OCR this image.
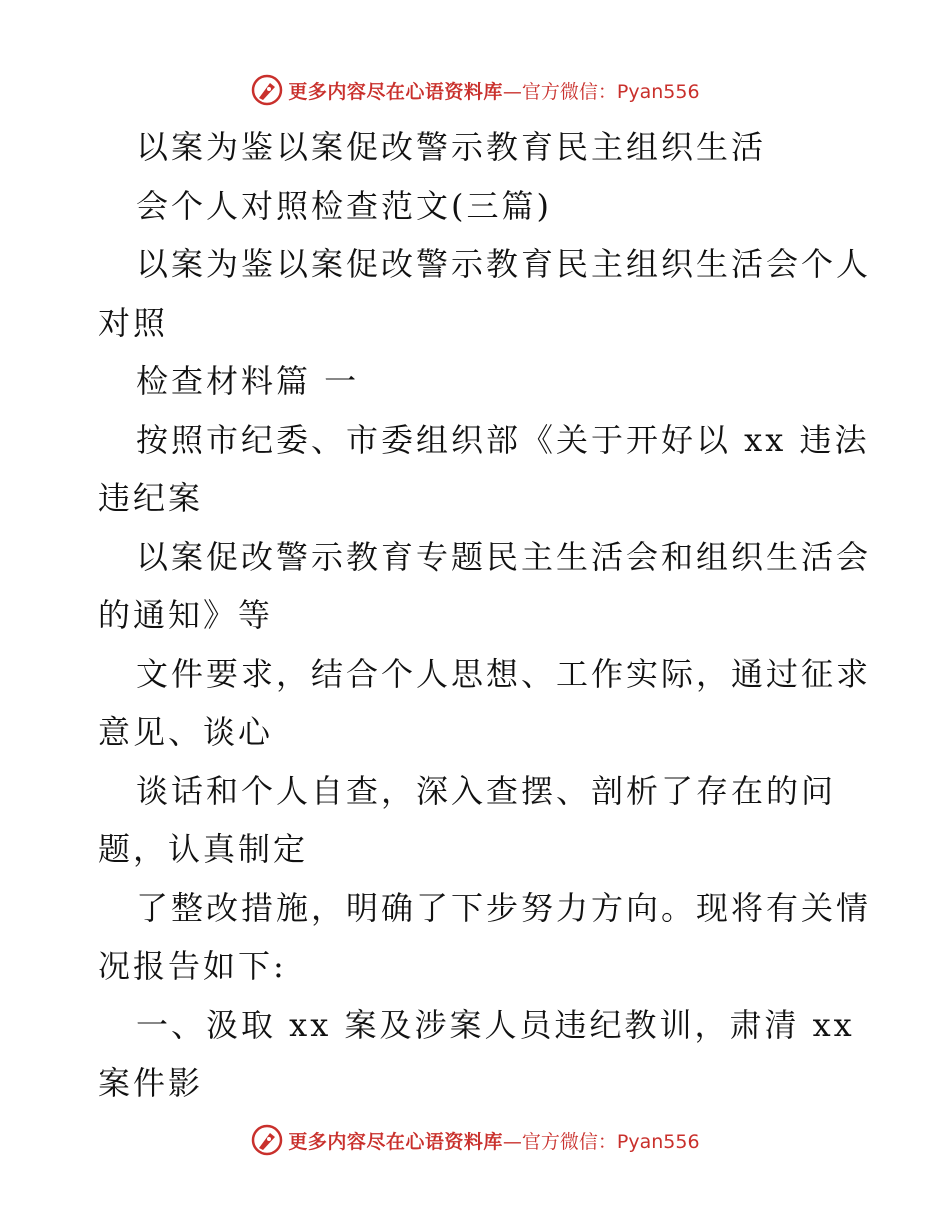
更多内容尽在心语资料库 —官方微信：Pyan556
以案为鉴以案促改警示教育民主组织生活
会个人对照检查范文(三篇)
以案为鉴以案促改警示教育民主组织生活会个人
对照
检查材料篇 一
按照市纪委、市委组织部《关于开好以 xx 违法
违纪案
以案促改警示教育专题民主生活会和组织生活会
的通知》等
文件要求，结合个人思想、工作实际，通过征求
意见、谈心
谈话和个人自查，深入查摆、剖析了存在的问
题，认真制定
了整改措施，明确了下步努力方向。现将有关情
况报告如下:
一、汲取 xx 案及涉案人员违纪教训，肃清 xx
案件影
更多内容尽在心语资料库 —官方微信：Pyan556
